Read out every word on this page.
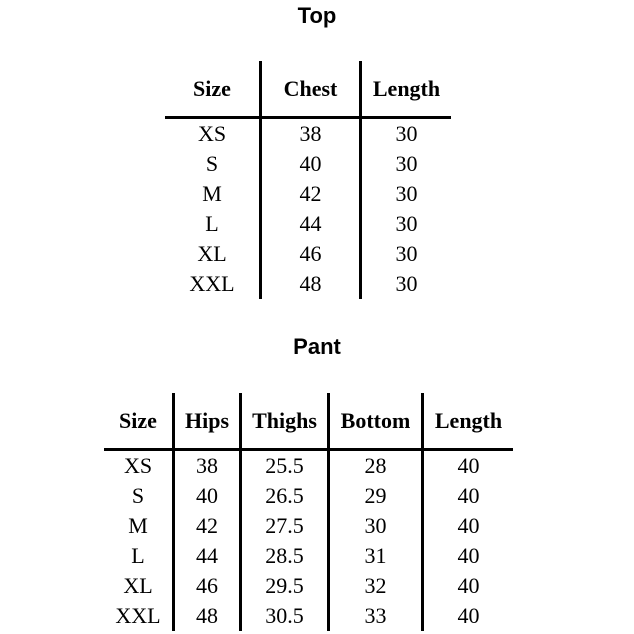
Top
Size	Chest	Length
XS	38	30
S	40	30
M	42	30
L	44	30
XL	46	30
XXL	48	30
Pant
Size	Hips	Thighs	Bottom	Length
XS	38	25.5	28	40
S	40	26.5	29	40
M	42	27.5	30	40
L	44	28.5	31	40
XL	46	29.5	32	40
XXL	48	30.5	33	40
